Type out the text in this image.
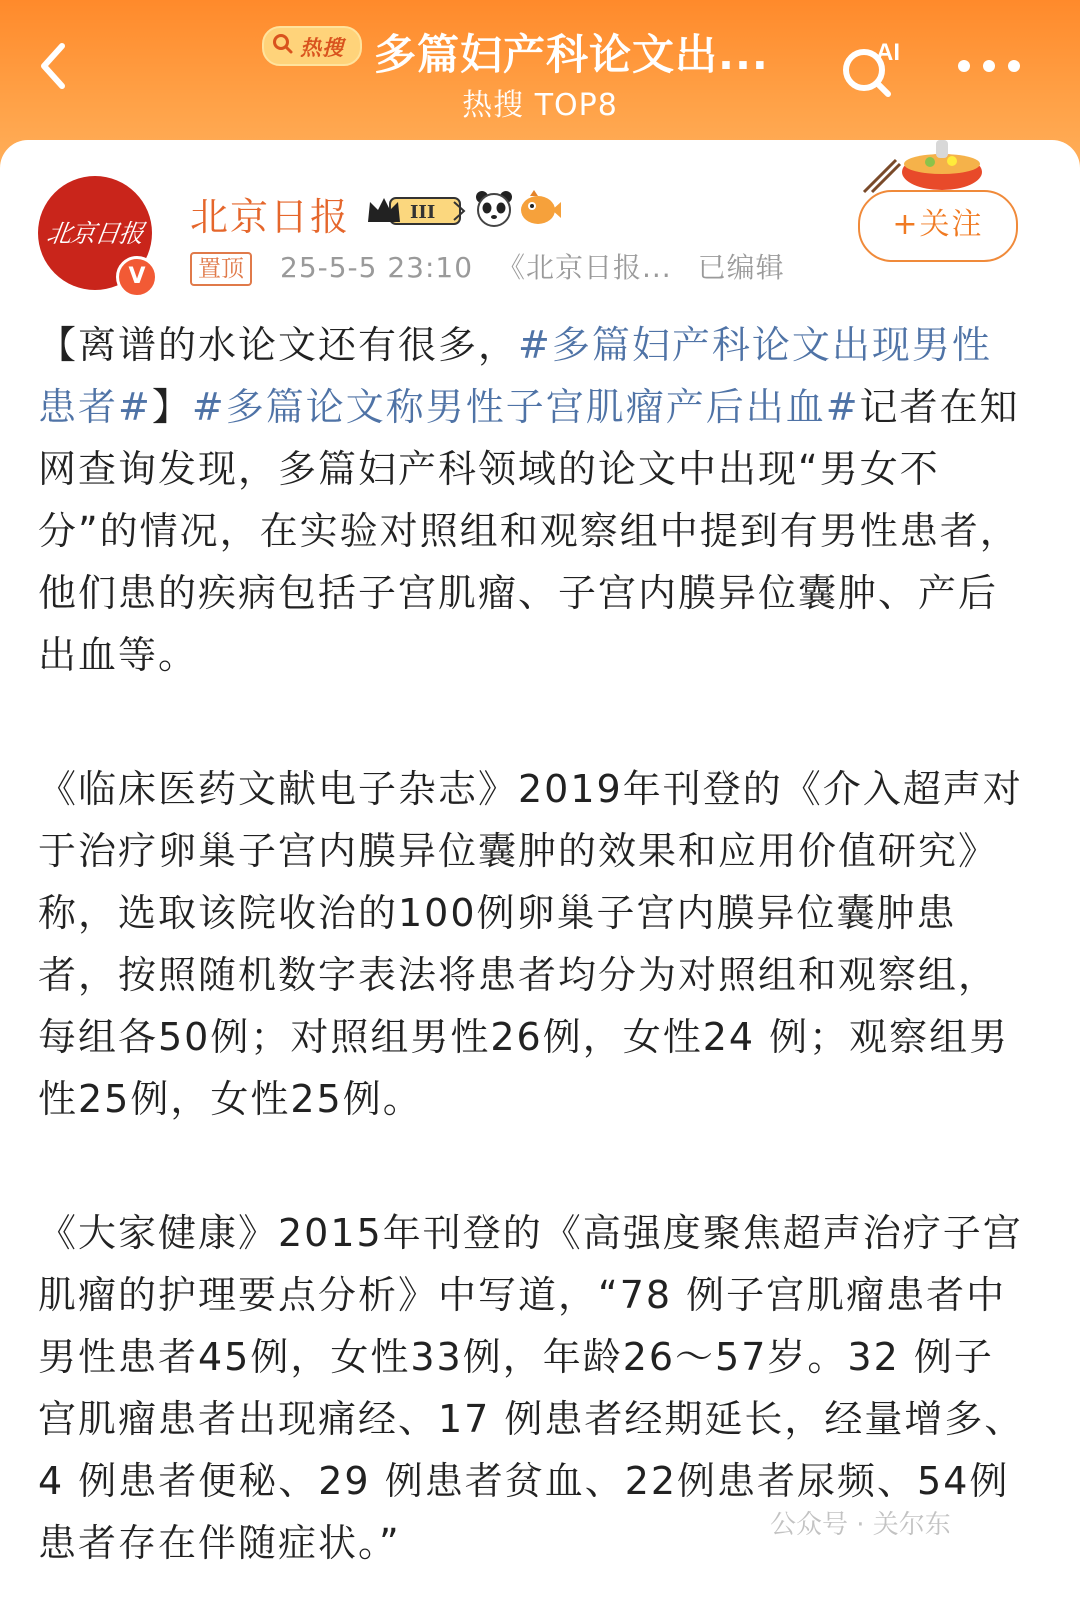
热搜 多篇妇产科论文出...
热搜 TOP8
AI
北京日报
V
北京日报	III
置顶 25-5-5 23:10 《北京日报... 已编辑
+关注

【离谱的水论文还有很多，#多篇妇产科论文出现男性患者#】#多篇论文称男性子宫肌瘤产后出血#记者在知网查询发现，多篇妇产科领域的论文中出现“男女不分”的情况，在实验对照组和观察组中提到有男性患者，他们患的疾病包括子宫肌瘤、子宫内膜异位囊肿、产后出血等。

《临床医药文献电子杂志》2019年刊登的《介入超声对于治疗卵巢子宫内膜异位囊肿的效果和应用价值研究》称，选取该院收治的100例卵巢子宫内膜异位囊肿患者，按照随机数字表法将患者均分为对照组和观察组，每组各50例；对照组男性26例，女性24 例；观察组男性25例，女性25例。

《大家健康》2015年刊登的《高强度聚焦超声治疗子宫肌瘤的护理要点分析》中写道，“78 例子宫肌瘤患者中男性患者45例，女性33例，年龄26～57岁。32 例子宫肌瘤患者出现痛经、17 例患者经期延长，经量增多、4 例患者便秘、29 例患者贫血、22例患者尿频、54例患者存在伴随症状。”	公众号 · 关尔东
